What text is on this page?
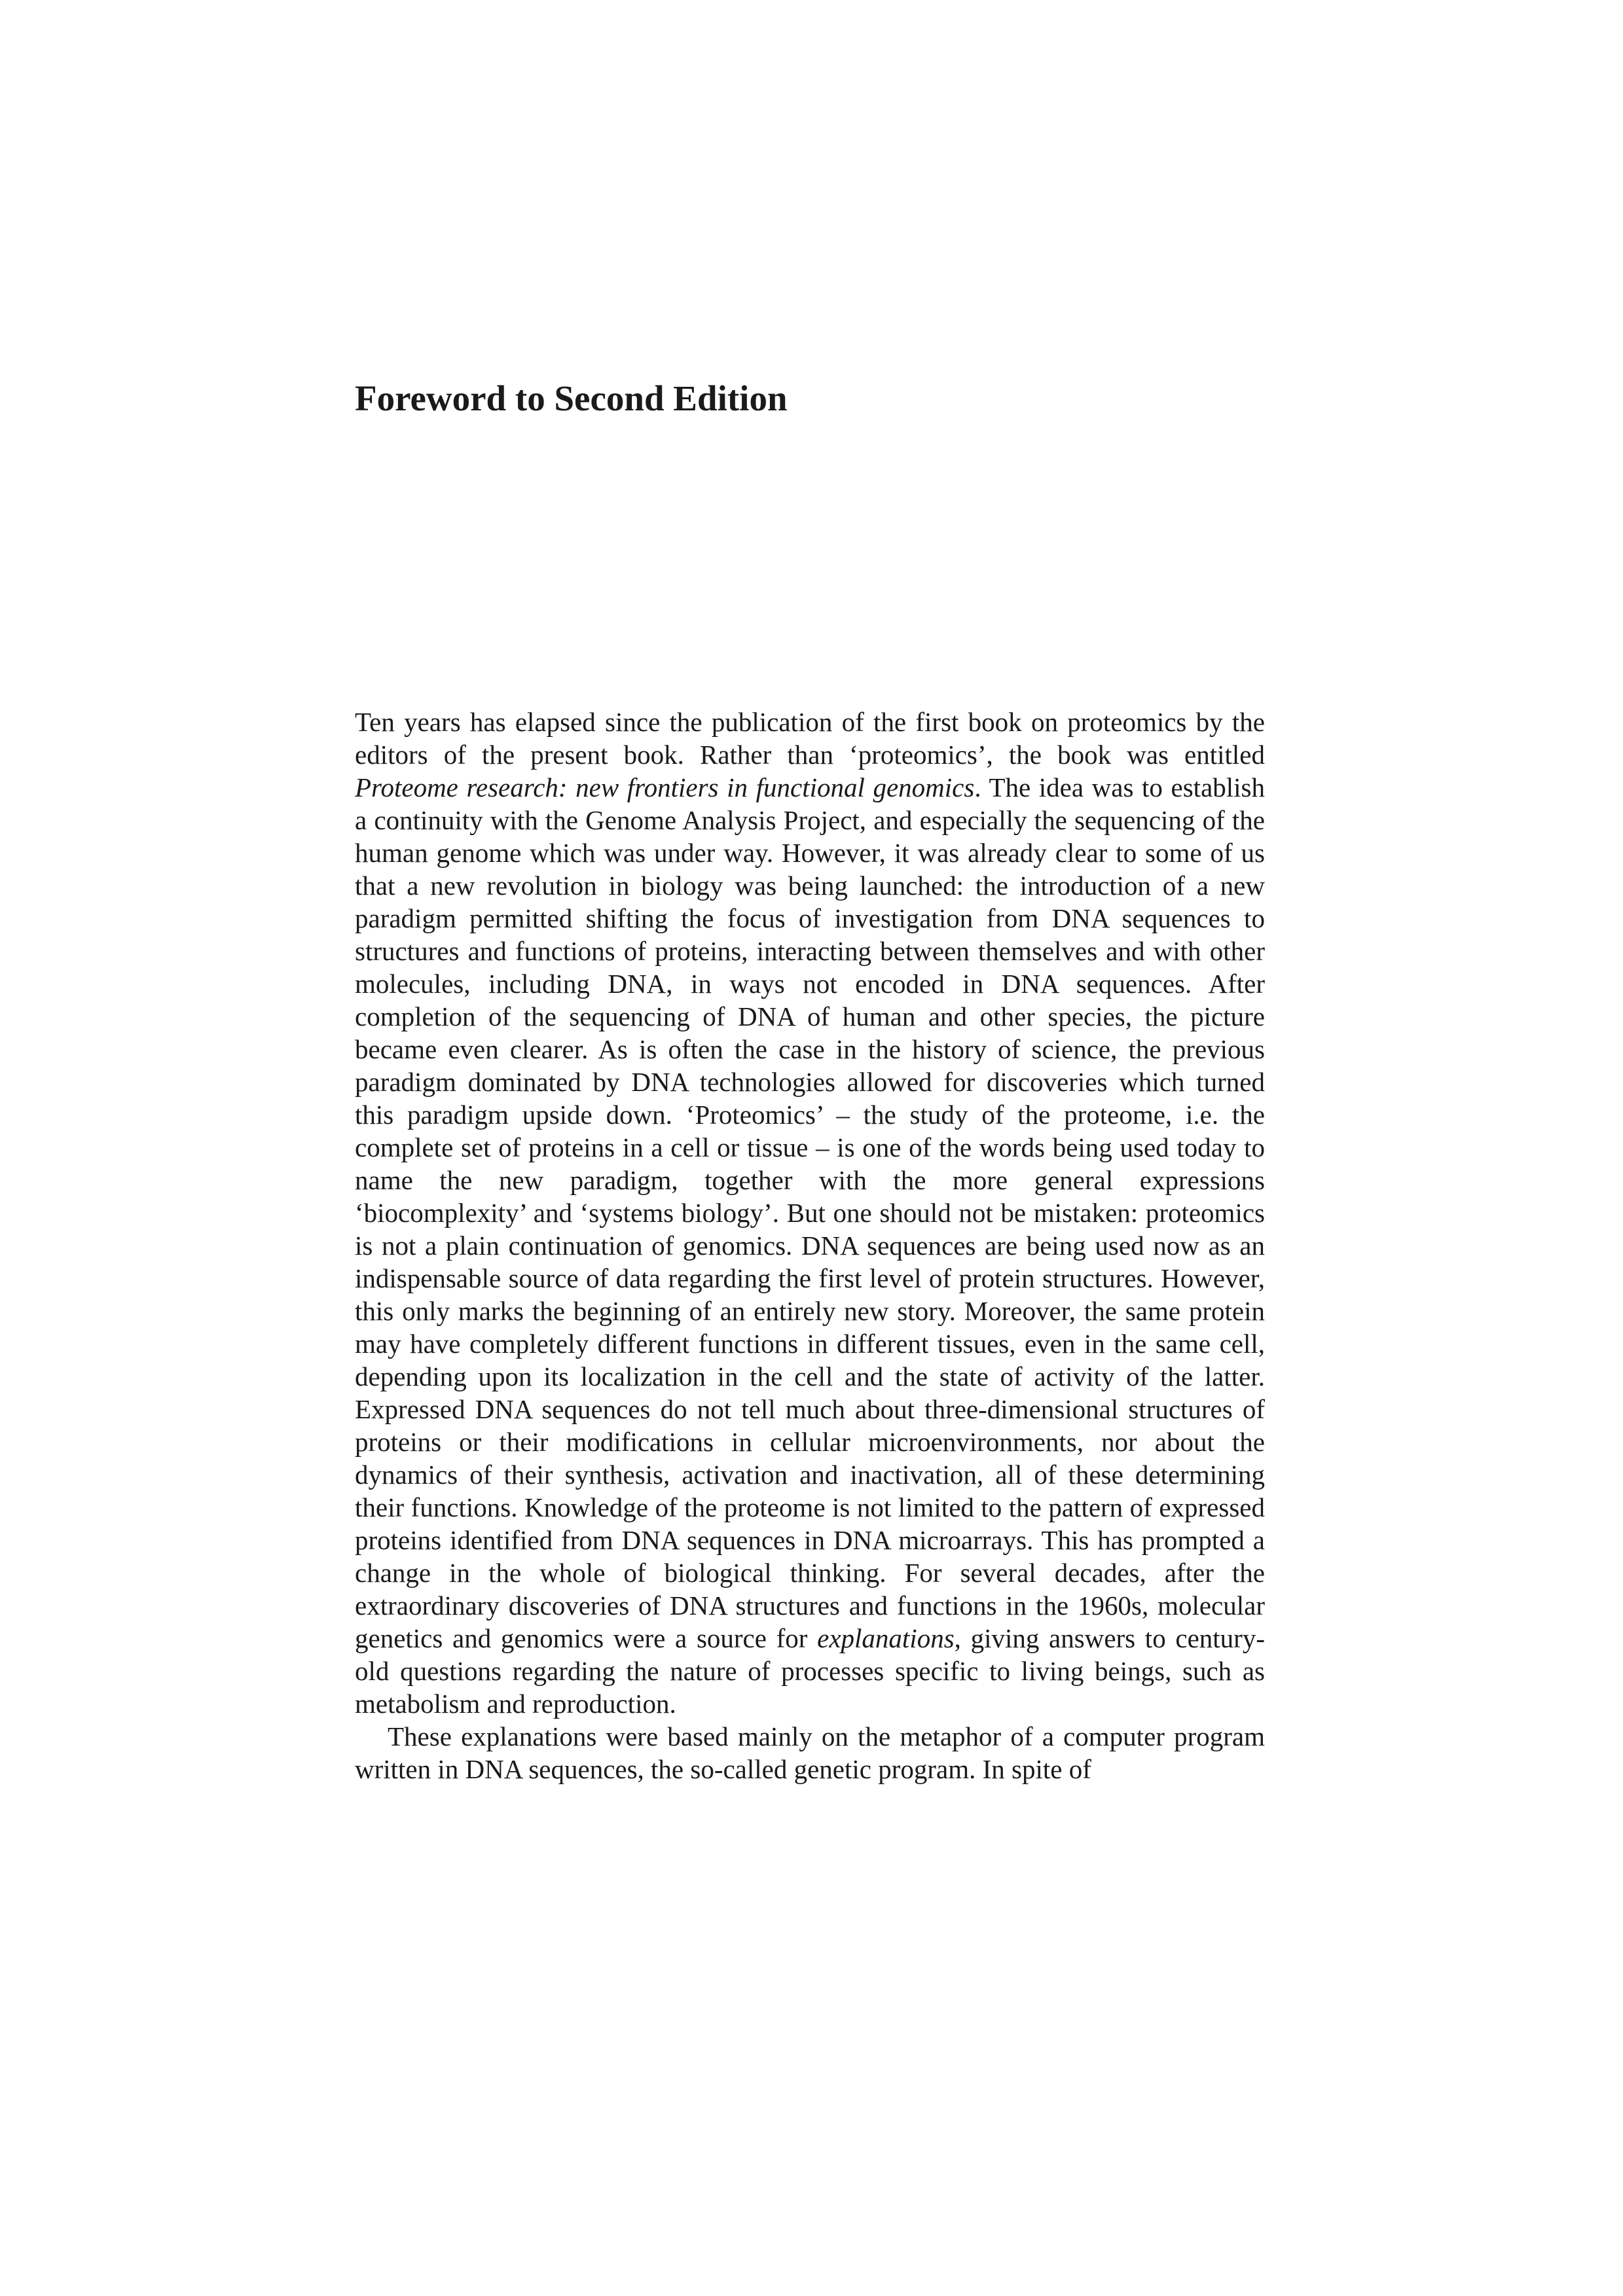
Foreword to Second Edition

Ten years has elapsed since the publication of the first book on proteomics by the editors of the present book. Rather than ‘proteomics’, the book was entitled Proteome research: new frontiers in functional genomics. The idea was to establish a continuity with the Genome Analysis Project, and especially the sequencing of the human genome which was under way. However, it was already clear to some of us that a new revolution in biology was being launched: the introduction of a new paradigm permitted shifting the focus of investigation from DNA sequences to structures and functions of proteins, interacting between themselves and with other molecules, including DNA, in ways not encoded in DNA sequences. After completion of the sequencing of DNA of human and other species, the picture became even clearer. As is often the case in the history of science, the previous paradigm dominated by DNA technologies allowed for discoveries which turned this paradigm upside down. ‘Proteomics’ – the study of the proteome, i.e. the complete set of proteins in a cell or tissue – is one of the words being used today to name the new paradigm, together with the more general expressions ‘biocomplexity’ and ‘systems biology’. But one should not be mistaken: proteomics is not a plain continuation of genomics. DNA sequences are being used now as an indispensable source of data regarding the first level of protein structures. However, this only marks the beginning of an entirely new story. Moreover, the same protein may have completely different functions in different tissues, even in the same cell, depending upon its localization in the cell and the state of activity of the latter. Expressed DNA sequences do not tell much about three-dimensional structures of proteins or their modifications in cellular microenvironments, nor about the dynamics of their synthesis, activation and inactivation, all of these determining their functions. Knowledge of the proteome is not limited to the pattern of expressed proteins identified from DNA sequences in DNA microarrays. This has prompted a change in the whole of biological thinking. For several decades, after the extraordinary discoveries of DNA structures and functions in the 1960s, molecular genetics and genomics were a source for explanations, giving answers to century-old questions regarding the nature of processes specific to living beings, such as metabolism and reproduction.

These explanations were based mainly on the metaphor of a computer program written in DNA sequences, the so-called genetic program. In spite of
